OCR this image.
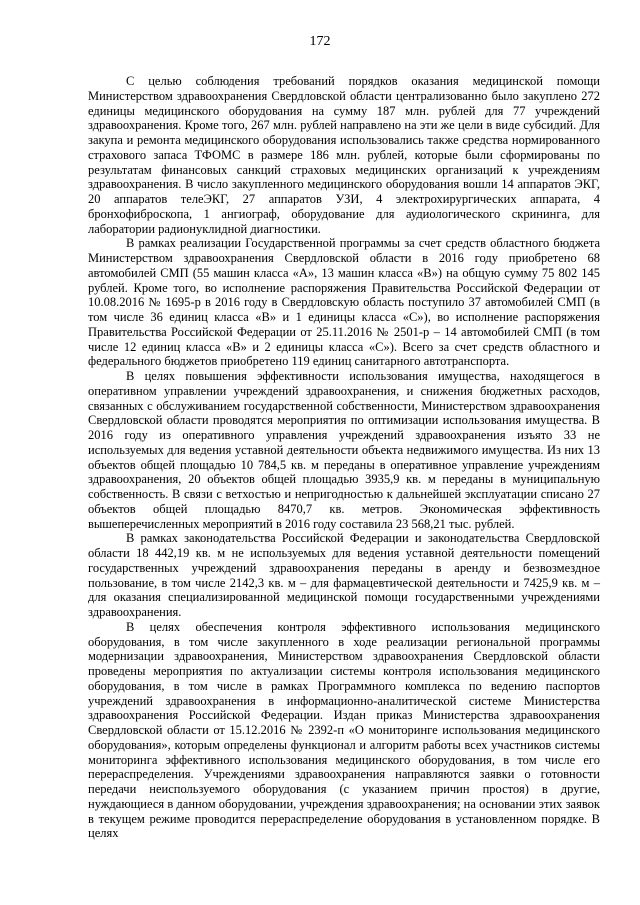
172

С целью соблюдения требований порядков оказания медицинской помощи Министерством здравоохранения Свердловской области централизованно было закуплено 272 единицы медицинского оборудования на сумму 187 млн. рублей для 77 учреждений здравоохранения. Кроме того, 267 млн. рублей направлено на эти же цели в виде субсидий. Для закупа и ремонта медицинского оборудования использовались также средства нормированного страхового запаса ТФОМС в размере 186 млн. рублей, которые были сформированы по результатам финансовых санкций страховых медицинских организаций к учреждениям здравоохранения. В число закупленного медицинского оборудования вошли 14 аппаратов ЭКГ, 20 аппаратов телеЭКГ, 27 аппаратов УЗИ, 4 электрохирургических аппарата, 4 бронхофиброскопа, 1 ангиограф, оборудование для аудиологического скрининга, для лаборатории радионуклидной диагностики.

В рамках реализации Государственной программы за счет средств областного бюджета Министерством здравоохранения Свердловской области в 2016 году приобретено 68 автомобилей СМП (55 машин класса «А», 13 машин класса «В») на общую сумму 75 802 145 рублей. Кроме того, во исполнение распоряжения Правительства Российской Федерации от 10.08.2016 № 1695-р в 2016 году в Свердловскую область поступило 37 автомобилей СМП (в том числе 36 единиц класса «В» и 1 единицы класса «С»), во исполнение распоряжения Правительства Российской Федерации от 25.11.2016 № 2501-р – 14 автомобилей СМП (в том числе 12 единиц класса «В» и 2 единицы класса «С»). Всего за счет средств областного и федерального бюджетов приобретено 119 единиц санитарного автотранспорта.

В целях повышения эффективности использования имущества, находящегося в оперативном управлении учреждений здравоохранения, и снижения бюджетных расходов, связанных с обслуживанием государственной собственности, Министерством здравоохранения Свердловской области проводятся мероприятия по оптимизации использования имущества. В 2016 году из оперативного управления учреждений здравоохранения изъято 33 не используемых для ведения уставной деятельности объекта недвижимого имущества. Из них 13 объектов общей площадью 10 784,5 кв. м переданы в оперативное управление учреждениям здравоохранения, 20 объектов общей площадью 3935,9 кв. м переданы в муниципальную собственность. В связи с ветхостью и непригодностью к дальнейшей эксплуатации списано 27 объектов общей площадью 8470,7 кв. метров. Экономическая эффективность вышеперечисленных мероприятий в 2016 году составила 23 568,21 тыс. рублей.

В рамках законодательства Российской Федерации и законодательства Свердловской области 18 442,19 кв. м не используемых для ведения уставной деятельности помещений государственных учреждений здравоохранения переданы в аренду и безвозмездное пользование, в том числе 2142,3 кв. м – для фармацевтической деятельности и 7425,9 кв. м – для оказания специализированной медицинской помощи государственными учреждениями здравоохранения.

В целях обеспечения контроля эффективного использования медицинского оборудования, в том числе закупленного в ходе реализации региональной программы модернизации здравоохранения, Министерством здравоохранения Свердловской области проведены мероприятия по актуализации системы контроля использования медицинского оборудования, в том числе в рамках Программного комплекса по ведению паспортов учреждений здравоохранения в информационно-аналитической системе Министерства здравоохранения Российской Федерации. Издан приказ Министерства здравоохранения Свердловской области от 15.12.2016 № 2392-п «О мониторинге использования медицинского оборудования», которым определены функционал и алгоритм работы всех участников системы мониторинга эффективного использования медицинского оборудования, в том числе его перераспределения. Учреждениями здравоохранения направляются заявки о готовности передачи неиспользуемого оборудования (с указанием причин простоя) в другие, нуждающиеся в данном оборудовании, учреждения здравоохранения; на основании этих заявок в текущем режиме проводится перераспределение оборудования в установленном порядке. В целях
